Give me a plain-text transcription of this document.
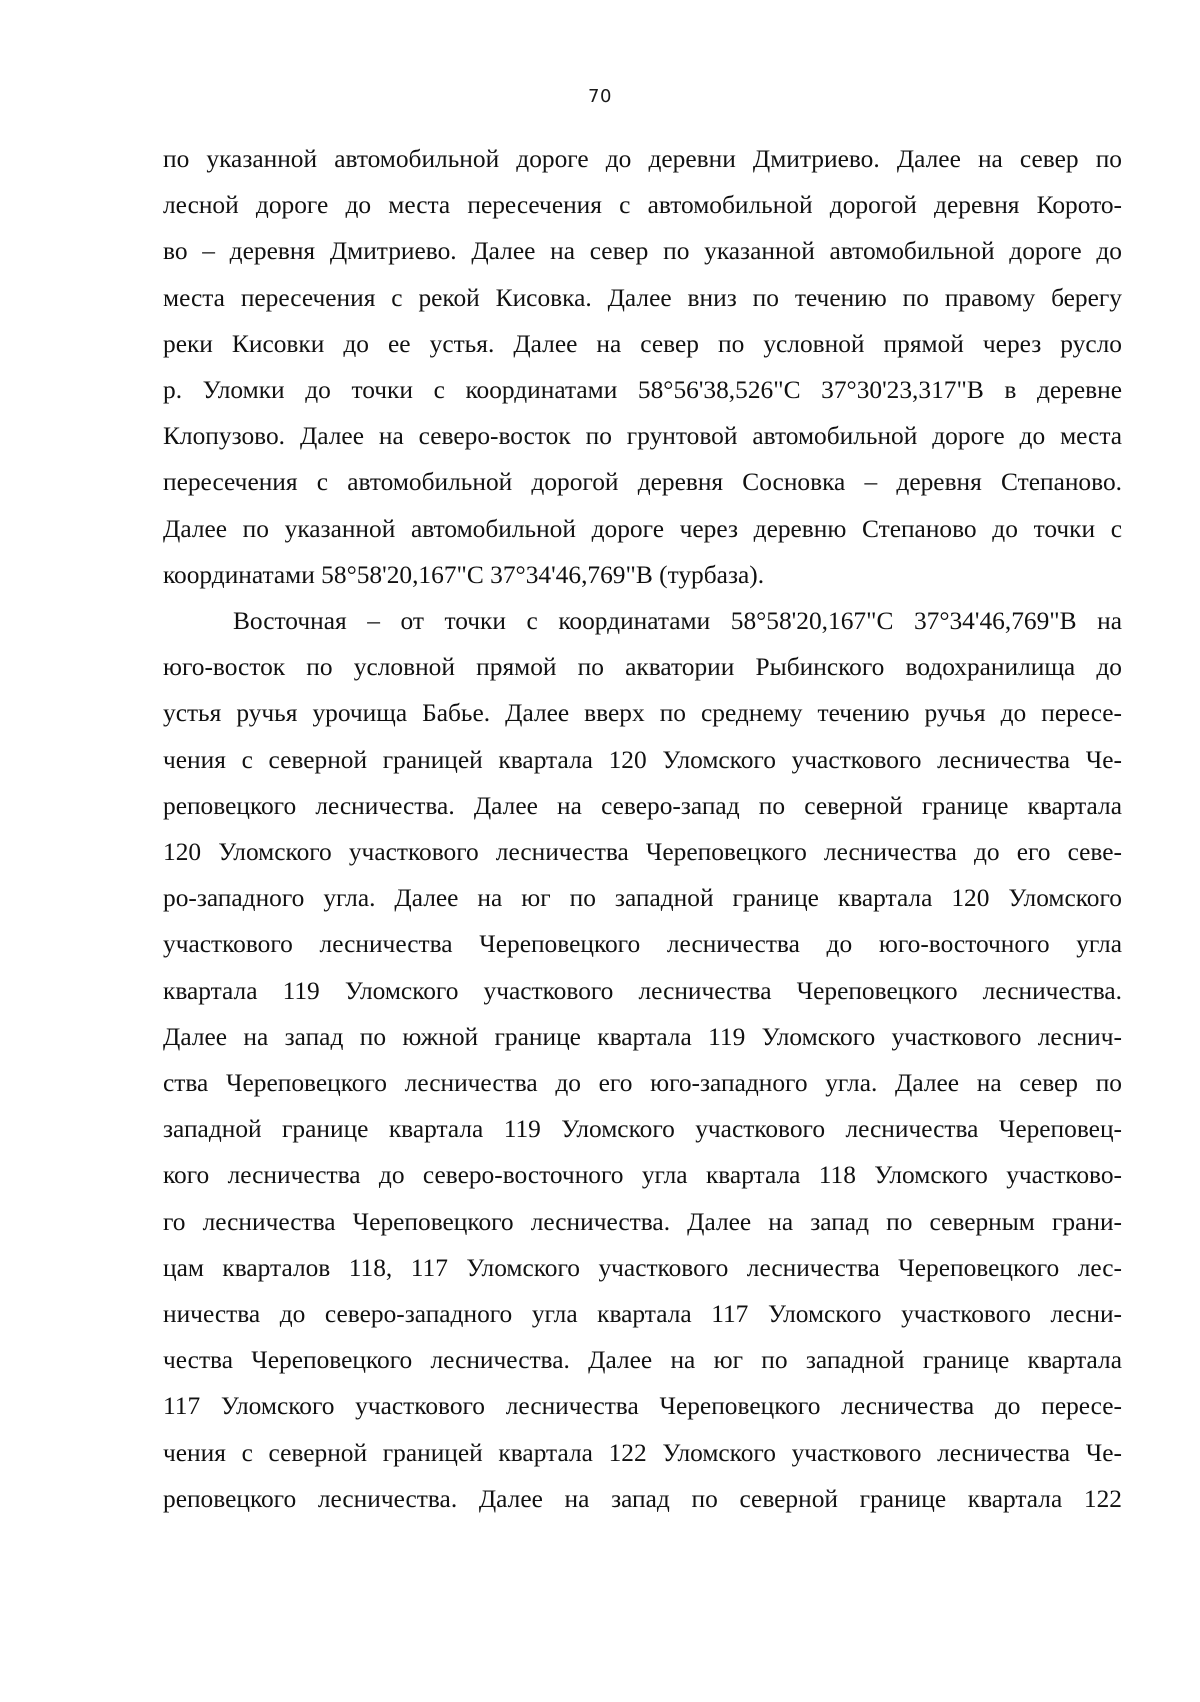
70

по указанной автомобильной дороге до деревни Дмитриево. Далее на север по
лесной дороге до места пересечения с автомобильной дорогой деревня Корото-
во – деревня Дмитриево. Далее на север по указанной автомобильной дороге до
места пересечения с рекой Кисовка. Далее вниз по течению по правому берегу
реки Кисовки до ее устья. Далее на север по условной прямой через русло
р. Уломки до точки с координатами 58°56'38,526"С 37°30'23,317"В в деревне
Клопузово. Далее на северо-восток по грунтовой автомобильной дороге до места
пересечения с автомобильной дорогой деревня Сосновка – деревня Степаново.
Далее по указанной автомобильной дороге через деревню Степаново до точки с
координатами 58°58'20,167"С 37°34'46,769"В (турбаза).

Восточная – от точки с координатами 58°58'20,167"С 37°34'46,769"В на
юго-восток по условной прямой по акватории Рыбинского водохранилища до
устья ручья урочища Бабье. Далее вверх по среднему течению ручья до пересе-
чения с северной границей квартала 120 Уломского участкового лесничества Че-
реповецкого лесничества. Далее на северо-запад по северной границе квартала
120 Уломского участкового лесничества Череповецкого лесничества до его севе-
ро-западного угла. Далее на юг по западной границе квартала 120 Уломского
участкового лесничества Череповецкого лесничества до юго-восточного угла
квартала 119 Уломского участкового лесничества Череповецкого лесничества.
Далее на запад по южной границе квартала 119 Уломского участкового леснич-
ства Череповецкого лесничества до его юго-западного угла. Далее на север по
западной границе квартала 119 Уломского участкового лесничества Череповец-
кого лесничества до северо-восточного угла квартала 118 Уломского участково-
го лесничества Череповецкого лесничества. Далее на запад по северным грани-
цам кварталов 118, 117 Уломского участкового лесничества Череповецкого лес-
ничества до северо-западного угла квартала 117 Уломского участкового лесни-
чества Череповецкого лесничества. Далее на юг по западной границе квартала
117 Уломского участкового лесничества Череповецкого лесничества до пересе-
чения с северной границей квартала 122 Уломского участкового лесничества Че-
реповецкого лесничества. Далее на запад по северной границе квартала 122
